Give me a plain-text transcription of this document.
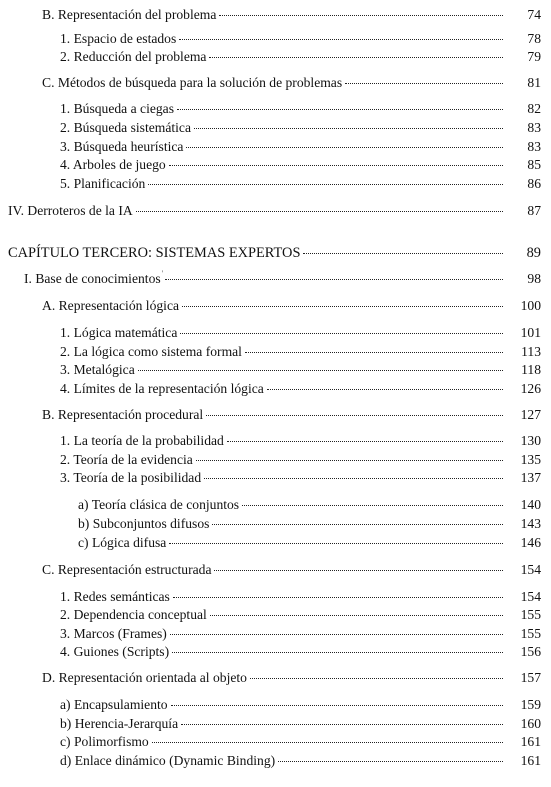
B. Representación del problema	74
1. Espacio de estados	78
2. Reducción del problema	79
C. Métodos de búsqueda para la solución de problemas	81
1. Búsqueda a ciegas	82
2. Búsqueda sistemática	83
3. Búsqueda heurística	83
4. Arboles de juego	85
5. Planificación	86
IV. Derroteros de la IA	87
CAPÍTULO TERCERO: SISTEMAS EXPERTOS	89
I. Base de conocimientos '	98
A. Representación lógica	100
1. Lógica matemática	101
2. La lógica como sistema formal	113
3. Metalógica	118
4. Límites de la representación lógica	126
B. Representación procedural	127
1. La teoría de la probabilidad	130
2. Teoría de la evidencia	135
3. Teoría de la posibilidad	137
a) Teoría clásica de conjuntos	140
b) Subconjuntos difusos	143
c) Lógica difusa	146
C. Representación estructurada	154
1. Redes semánticas	154
2. Dependencia conceptual	155
3. Marcos (Frames)	155
4. Guiones (Scripts)	156
D. Representación orientada al objeto	157
a) Encapsulamiento	159
b) Herencia-Jerarquía	160
c) Polimorfismo	161
d) Enlace dinámico (Dynamic Binding)	161
